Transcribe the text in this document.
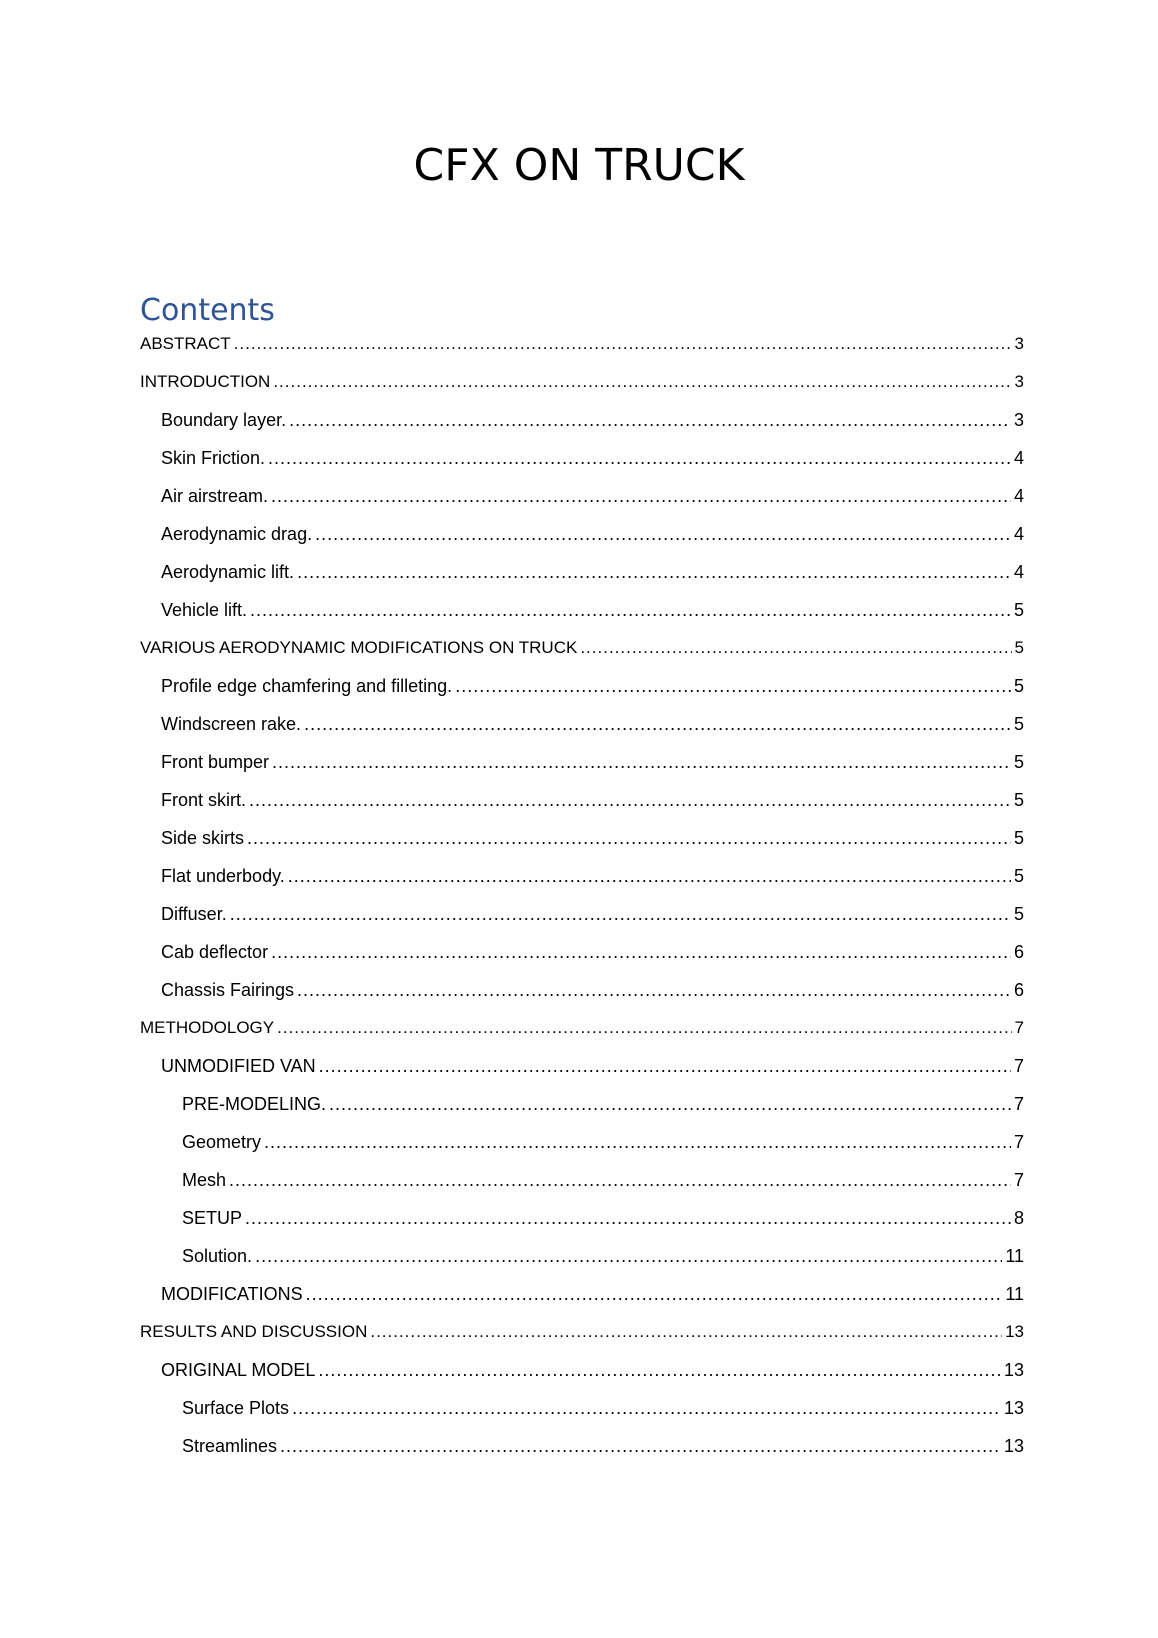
CFX ON TRUCK
Contents
ABSTRACT .....	3
INTRODUCTION .....	3
Boundary layer. .....	3
Skin Friction. .....	4
Air airstream. .....	4
Aerodynamic drag. .....	4
Aerodynamic lift. .....	4
Vehicle lift. .....	5
VARIOUS AERODYNAMIC MODIFICATIONS ON TRUCK .....	5
Profile edge chamfering and filleting. .....	5
Windscreen rake. .....	5
Front bumper .....	5
Front skirt. .....	5
Side skirts .....	5
Flat underbody. .....	5
Diffuser. .....	5
Cab deflector .....	6
Chassis Fairings .....	6
METHODOLOGY .....	7
UNMODIFIED VAN .....	7
PRE-MODELING. .....	7
Geometry .....	7
Mesh .....	7
SETUP .....	8
Solution. .....	11
MODIFICATIONS .....	11
RESULTS AND DISCUSSION .....	13
ORIGINAL MODEL .....	13
Surface Plots .....	13
Streamlines .....	13
